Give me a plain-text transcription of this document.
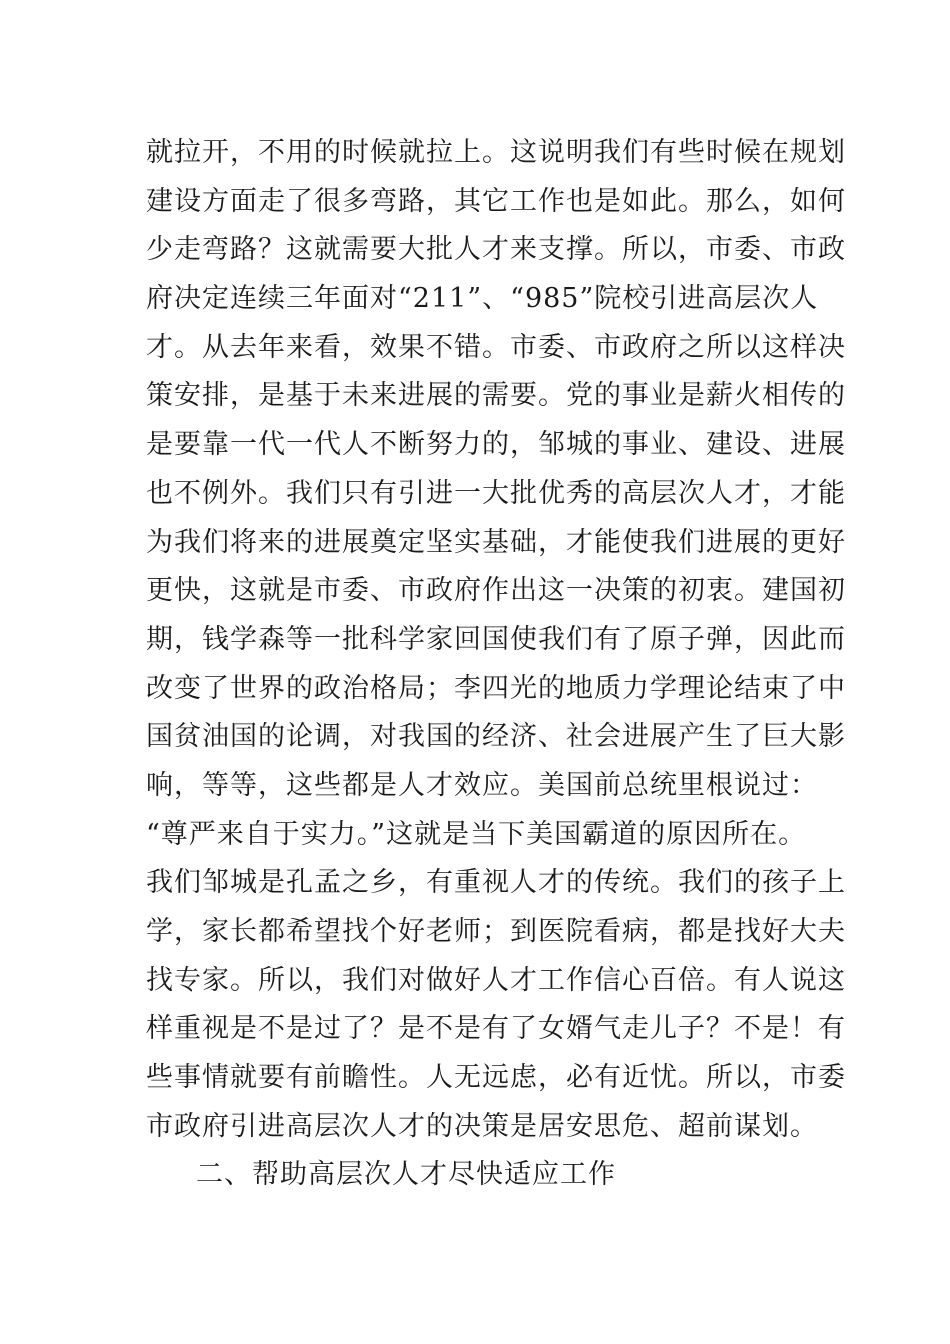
就拉开，不用的时候就拉上。这说明我们有些时候在规划
建设方面走了很多弯路，其它工作也是如此。那么，如何
少走弯路？这就需要大批人才来支撑。所以，市委、市政
府决定连续三年面对“211”、“985”院校引进高层次人
才。从去年来看，效果不错。市委、市政府之所以这样决
策安排，是基于未来进展的需要。党的事业是薪火相传的
是要靠一代一代人不断努力的，邹城的事业、建设、进展
也不例外。我们只有引进一大批优秀的高层次人才，才能
为我们将来的进展奠定坚实基础，才能使我们进展的更好
更快，这就是市委、市政府作出这一决策的初衷。建国初
期，钱学森等一批科学家回国使我们有了原子弹，因此而
改变了世界的政治格局；李四光的地质力学理论结束了中
国贫油国的论调，对我国的经济、社会进展产生了巨大影
响，等等，这些都是人才效应。美国前总统里根说过：
“尊严来自于实力。”这就是当下美国霸道的原因所在。
我们邹城是孔孟之乡，有重视人才的传统。我们的孩子上
学，家长都希望找个好老师；到医院看病，都是找好大夫
找专家。所以，我们对做好人才工作信心百倍。有人说这
样重视是不是过了？是不是有了女婿气走儿子？不是！有
些事情就要有前瞻性。人无远虑，必有近忧。所以，市委
市政府引进高层次人才的决策是居安思危、超前谋划。
二、帮助高层次人才尽快适应工作
